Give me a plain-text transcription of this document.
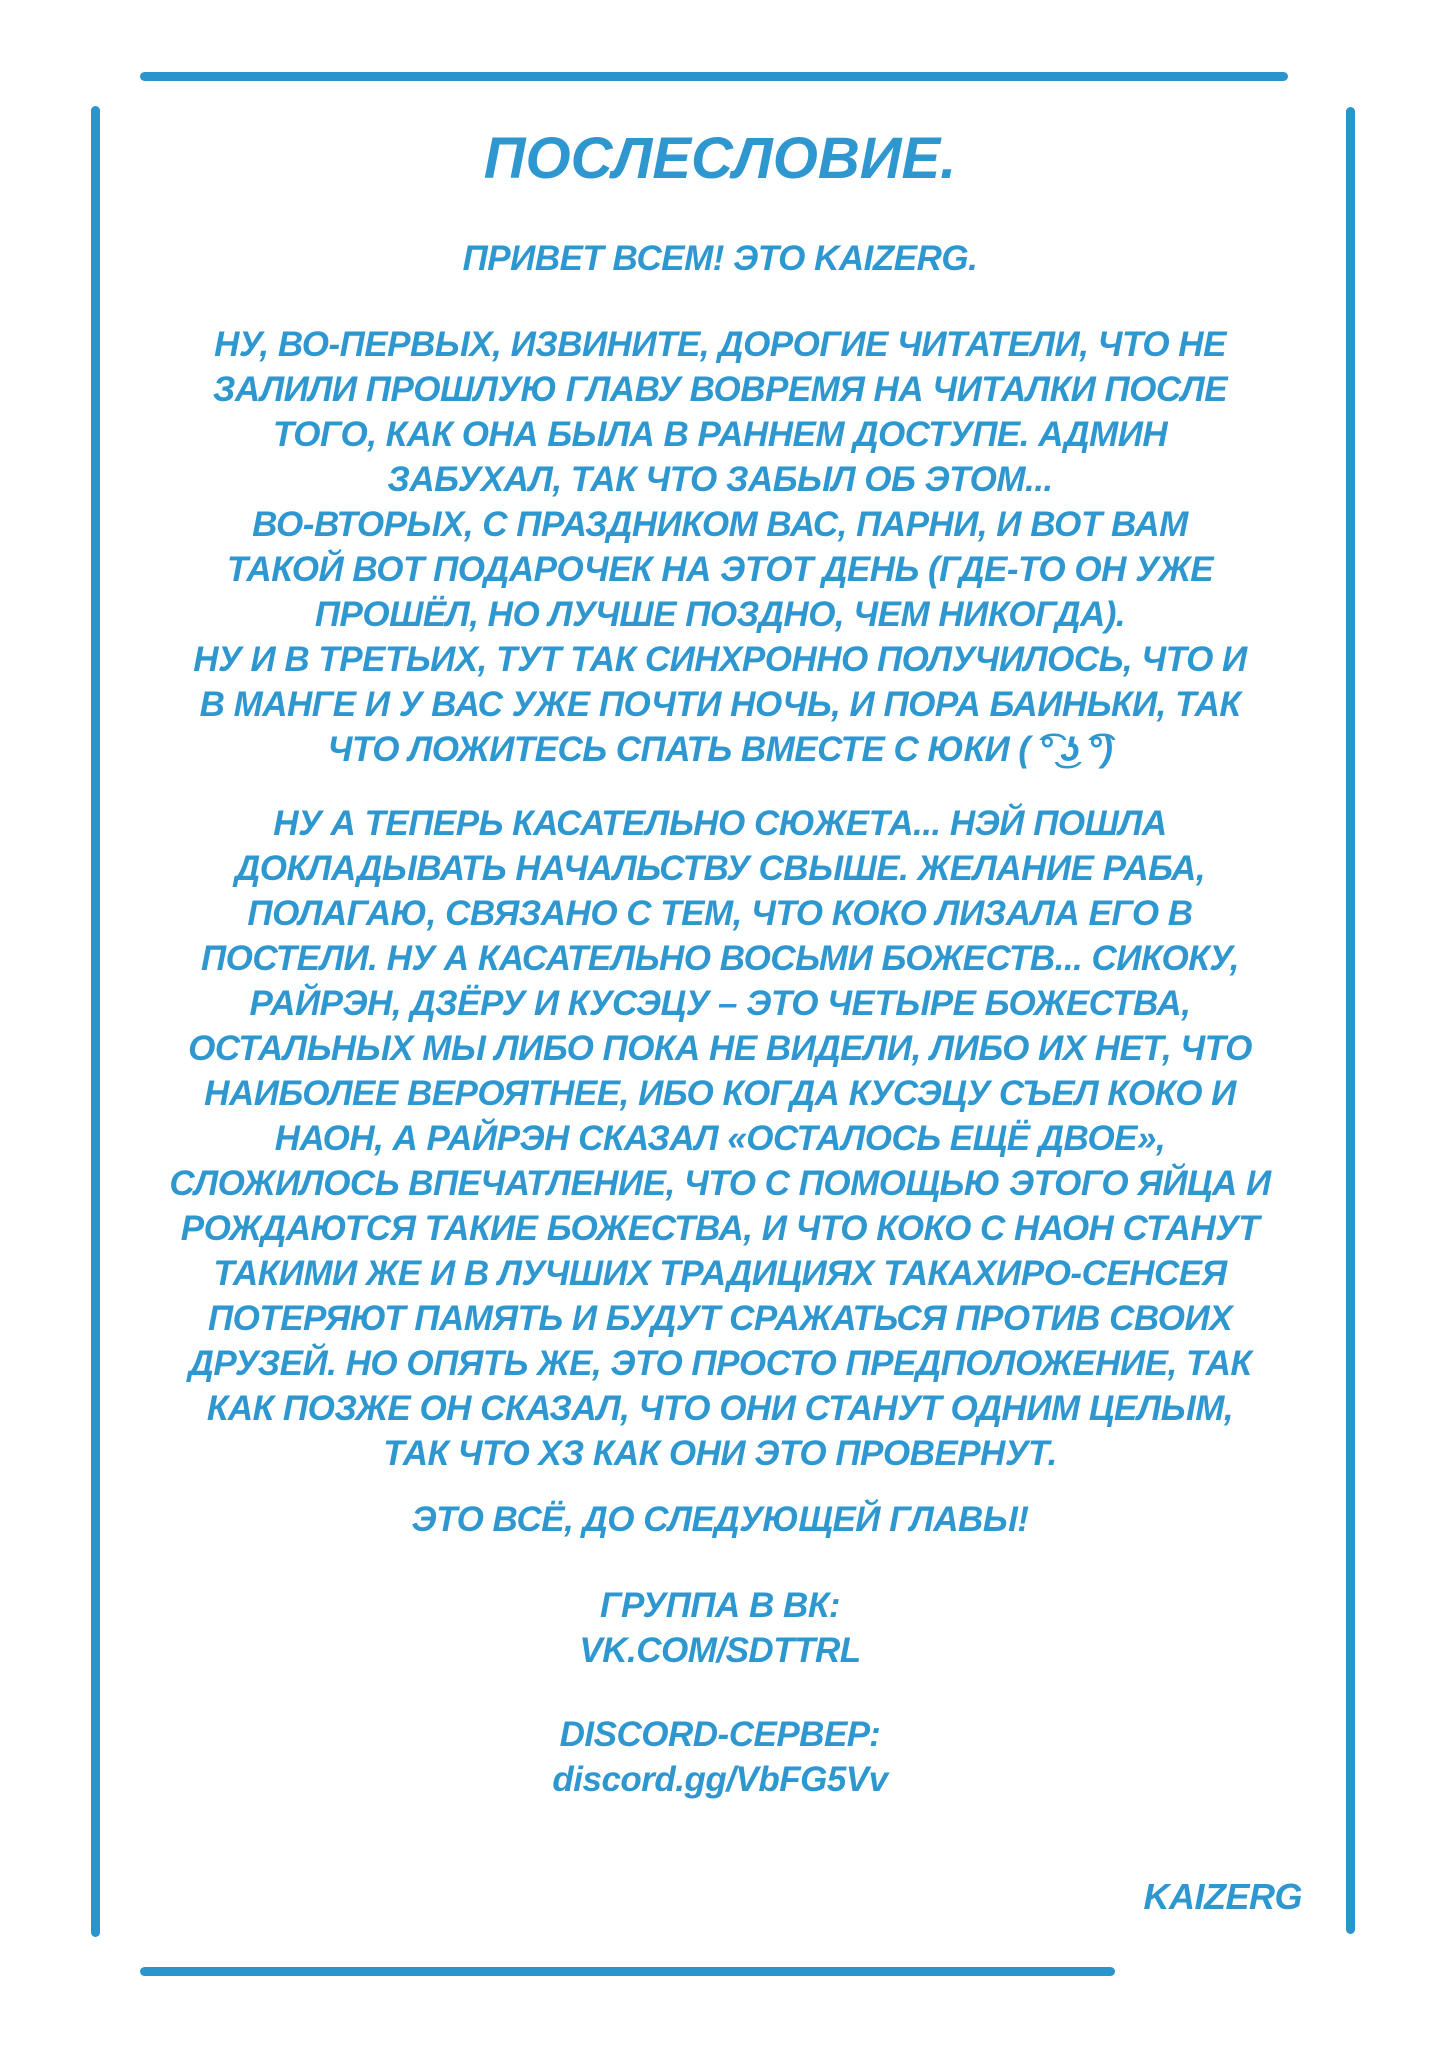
ПОСЛЕСЛОВИЕ.
ПРИВЕТ ВСЕМ! ЭТО KAIZERG.
НУ, ВО-ПЕРВЫХ, ИЗВИНИТЕ, ДОРОГИЕ ЧИТАТЕЛИ, ЧТО НЕ
ЗАЛИЛИ ПРОШЛУЮ ГЛАВУ ВОВРЕМЯ НА ЧИТАЛКИ ПОСЛЕ
ТОГО, КАК ОНА БЫЛА В РАННЕМ ДОСТУПЕ. АДМИН
ЗАБУХАЛ, ТАК ЧТО ЗАБЫЛ ОБ ЭТОМ...
ВО-ВТОРЫХ, С ПРАЗДНИКОМ ВАС, ПАРНИ, И ВОТ ВАМ
ТАКОЙ ВОТ ПОДАРОЧЕК НА ЭТОТ ДЕНЬ (ГДЕ-ТО ОН УЖЕ
ПРОШЁЛ, НО ЛУЧШЕ ПОЗДНО, ЧЕМ НИКОГДА).
НУ И В ТРЕТЬИХ, ТУТ ТАК СИНХРОННО ПОЛУЧИЛОСЬ, ЧТО И
В МАНГЕ И У ВАС УЖЕ ПОЧТИ НОЧЬ, И ПОРА БАИНЬКИ, ТАК
ЧТО ЛОЖИТЕСЬ СПАТЬ ВМЕСТЕ С ЮКИ ( ͡° ͜ʖ ͡°)
НУ А ТЕПЕРЬ КАСАТЕЛЬНО СЮЖЕТА... НЭЙ ПОШЛА
ДОКЛАДЫВАТЬ НАЧАЛЬСТВУ СВЫШЕ. ЖЕЛАНИЕ РАБА,
ПОЛАГАЮ, СВЯЗАНО С ТЕМ, ЧТО КОКО ЛИЗАЛА ЕГО В
ПОСТЕЛИ. НУ А КАСАТЕЛЬНО ВОСЬМИ БОЖЕСТВ... СИКОКУ,
РАЙРЭН, ДЗЁРУ И КУСЭЦУ – ЭТО ЧЕТЫРЕ БОЖЕСТВА,
ОСТАЛЬНЫХ МЫ ЛИБО ПОКА НЕ ВИДЕЛИ, ЛИБО ИХ НЕТ, ЧТО
НАИБОЛЕЕ ВЕРОЯТНЕЕ, ИБО КОГДА КУСЭЦУ СЪЕЛ КОКО И
НАОН, А РАЙРЭН СКАЗАЛ «ОСТАЛОСЬ ЕЩЁ ДВОЕ»,
СЛОЖИЛОСЬ ВПЕЧАТЛЕНИЕ, ЧТО С ПОМОЩЬЮ ЭТОГО ЯЙЦА И
РОЖДАЮТСЯ ТАКИЕ БОЖЕСТВА, И ЧТО КОКО С НАОН СТАНУТ
ТАКИМИ ЖЕ И В ЛУЧШИХ ТРАДИЦИЯХ ТАКАХИРО-СЕНСЕЯ
ПОТЕРЯЮТ ПАМЯТЬ И БУДУТ СРАЖАТЬСЯ ПРОТИВ СВОИХ
ДРУЗЕЙ. НО ОПЯТЬ ЖЕ, ЭТО ПРОСТО ПРЕДПОЛОЖЕНИЕ, ТАК
КАК ПОЗЖЕ ОН СКАЗАЛ, ЧТО ОНИ СТАНУТ ОДНИМ ЦЕЛЫМ,
ТАК ЧТО ХЗ КАК ОНИ ЭТО ПРОВЕРНУТ.
ЭТО ВСЁ, ДО СЛЕДУЮЩЕЙ ГЛАВЫ!
ГРУППА В ВК:
VK.COM/SDTTRL
DISCORD-СЕРВЕР:
discord.gg/VbFG5Vv
KAIZERG
